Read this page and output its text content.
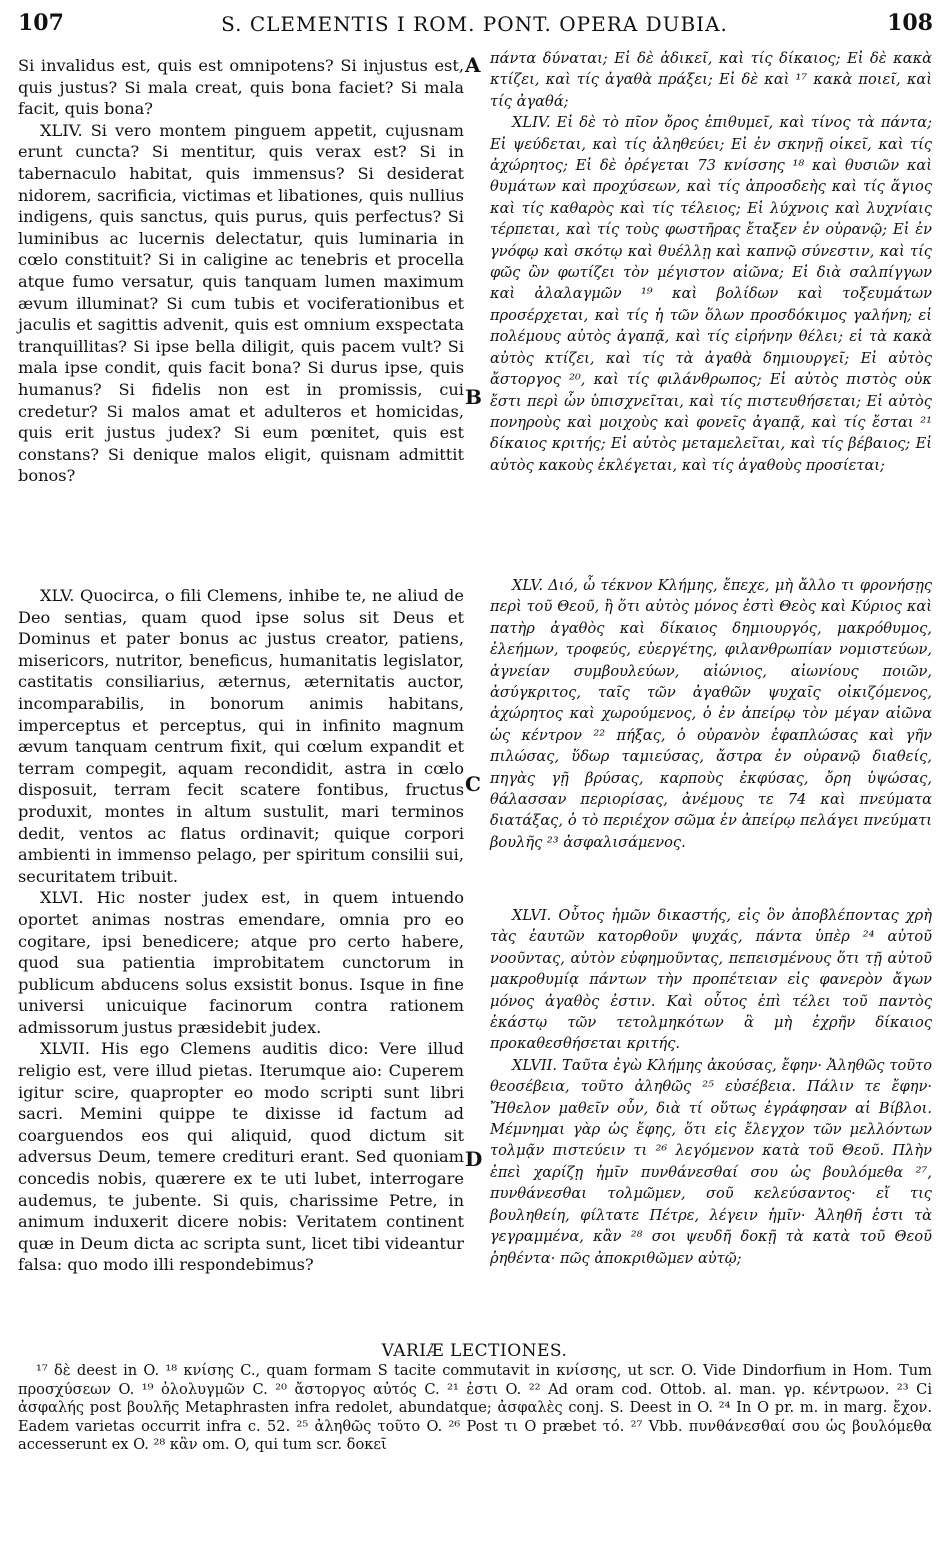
107	S. CLEMENTIS I ROM. PONT. OPERA DUBIA.	108

Si invalidus est, quis est omnipotens? Si injustus est, quis justus? Si mala creat, quis bona faciet? Si mala facit, quis bona?

XLIV. Si vero montem pinguem appetit, cujusnam erunt cuncta? Si mentitur, quis verax est? Si in tabernaculo habitat, quis immensus? Si desiderat nidorem, sacrificia, victimas et libationes, quis nullius indigens, quis sanctus, quis purus, quis perfectus? Si luminibus ac lucernis delectatur, quis luminaria in cœlo constituit? Si in caligine ac tenebris et procella atque fumo versatur, quis tanquam lumen maximum ævum illuminat? Si cum tubis et vociferationibus et jaculis et sagittis advenit, quis est omnium exspectata tranquillitas? Si ipse bella diligit, quis pacem vult? Si mala ipse condit, quis facit bona? Si durus ipse, quis humanus? Si fidelis non est in promissis, cui credetur? Si malos amat et adulteros et homicidas, quis erit justus judex? Si eum pœnitet, quis est constans? Si denique malos eligit, quisnam admittit bonos?

XLV. Quocirca, o fili Clemens, inhibe te, ne aliud de Deo sentias, quam quod ipse solus sit Deus et Dominus et pater bonus ac justus creator, patiens, misericors, nutritor, beneficus, humanitatis legislator, castitatis consiliarius, æternus, æternitatis auctor, incomparabilis, in bonorum animis habitans, imperceptus et perceptus, qui in infinito magnum ævum tanquam centrum fixit, qui cœlum expandit et terram compegit, aquam recondidit, astra in cœlo disposuit, terram fecit scatere fontibus, fructus produxit, montes in altum sustulit, mari terminos dedit, ventos ac flatus ordinavit; quique corpori ambienti in immenso pelago, per spiritum consilii sui, securitatem tribuit.

XLVI. Hic noster judex est, in quem intuendo oportet animas nostras emendare, omnia pro eo cogitare, ipsi benedicere; atque pro certo habere, quod sua patientia improbitatem cunctorum in publicum abducens solus exsistit bonus. Isque in fine universi unicuique facinorum contra rationem admissorum justus præsidebit judex.

XLVII. His ego Clemens auditis dico: Vere illud religio est, vere illud pietas. Iterumque aio: Cuperem igitur scire, quapropter eo modo scripti sunt libri sacri. Memini quippe te dixisse id factum ad coarguendos eos qui aliquid, quod dictum sit adversus Deum, temere credituri erant. Sed quoniam concedis nobis, quærere ex te uti lubet, interrogare audemus, te jubente. Si quis, charissime Petre, in animum induxerit dicere nobis: Veritatem continent quæ in Deum dicta ac scripta sunt, licet tibi videantur falsa: quo modo illi respondebimus?

A
B
C
D

πάντα δύναται; Εἰ δὲ ἀδικεῖ, καὶ τίς δίκαιος; Εἰ δὲ κακὰ κτίζει, καὶ τίς ἀγαθὰ πράξει; Εἰ δὲ καὶ ¹⁷ κακὰ ποιεῖ, καὶ τίς ἀγαθά;

XLIV. Εἰ δὲ τὸ πῖον ὄρος ἐπιθυμεῖ, καὶ τίνος τὰ πάντα; Εἰ ψεύδεται, καὶ τίς ἀληθεύει; Εἰ ἐν σκηνῇ οἰκεῖ, καὶ τίς ἀχώρητος; Εἰ δὲ ὀρέγεται 73 κνίσσης ¹⁸ καὶ θυσιῶν καὶ θυμάτων καὶ προχύσεων, καὶ τίς ἀπροσδεὴς καὶ τίς ἅγιος καὶ τίς καθαρὸς καὶ τίς τέλειος; Εἰ λύχνοις καὶ λυχνίαις τέρπεται, καὶ τίς τοὺς φωστῆρας ἔταξεν ἐν οὐρανῷ; Εἰ ἐν γνόφῳ καὶ σκότῳ καὶ θυέλλῃ καὶ καπνῷ σύνεστιν, καὶ τίς φῶς ὢν φωτίζει τὸν μέγιστον αἰῶνα; Εἰ διὰ σαλπίγγων καὶ ἀλαλαγμῶν ¹⁹ καὶ βολίδων καὶ τοξευμάτων προσέρχεται, καὶ τίς ἡ τῶν ὅλων προσδόκιμος γαλήνη; εἰ πολέμους αὐτὸς ἀγαπᾷ, καὶ τίς εἰρήνην θέλει; εἰ τὰ κακὰ αὐτὸς κτίζει, καὶ τίς τὰ ἀγαθὰ δημιουργεῖ; Εἰ αὐτὸς ἄστοργος ²⁰, καὶ τίς φιλάνθρωπος; Εἰ αὐτὸς πιστὸς οὐκ ἔστι περὶ ὧν ὑπισχνεῖται, καὶ τίς πιστευθήσεται; Εἰ αὐτὸς πονηροὺς καὶ μοιχοὺς καὶ φονεῖς ἀγαπᾷ, καὶ τίς ἔσται ²¹ δίκαιος κριτής; Εἰ αὐτὸς μεταμελεῖται, καὶ τίς βέβαιος; Εἰ αὐτὸς κακοὺς ἐκλέγεται, καὶ τίς ἀγαθοὺς προσίεται;

XLV. Διό, ὦ τέκνον Κλήμης, ἔπεχε, μὴ ἄλλο τι φρονήσῃς περὶ τοῦ Θεοῦ, ἢ ὅτι αὐτὸς μόνος ἐστὶ Θεὸς καὶ Κύριος καὶ πατὴρ ἀγαθὸς καὶ δίκαιος δημιουργός, μακρόθυμος, ἐλεήμων, τροφεύς, εὐεργέτης, φιλανθρωπίαν νομιστεύων, ἁγνείαν συμβουλεύων, αἰώνιος, αἰωνίους ποιῶν, ἀσύγκριτος, ταῖς τῶν ἀγαθῶν ψυχαῖς οἰκιζόμενος, ἀχώρητος καὶ χωρούμενος, ὁ ἐν ἀπείρῳ τὸν μέγαν αἰῶνα ὡς κέντρον ²² πήξας, ὁ οὐρανὸν ἐφαπλώσας καὶ γῆν πιλώσας, ὕδωρ ταμιεύσας, ἄστρα ἐν οὐρανῷ διαθείς, πηγὰς γῇ βρύσας, καρποὺς ἐκφύσας, ὄρη ὑψώσας, θάλασσαν περιορίσας, ἀνέμους τε 74 καὶ πνεύματα διατάξας, ὁ τὸ περιέχον σῶμα ἐν ἀπείρῳ πελάγει πνεύματι βουλῆς ²³ ἀσφαλισάμενος.

XLVI. Οὗτος ἡμῶν δικαστής, εἰς ὃν ἀποβλέποντας χρὴ τὰς ἑαυτῶν κατορθοῦν ψυχάς, πάντα ὑπὲρ ²⁴ αὐτοῦ νοοῦντας, αὐτὸν εὐφημοῦντας, πεπεισμένους ὅτι τῇ αὐτοῦ μακροθυμίᾳ πάντων τὴν προπέτειαν εἰς φανερὸν ἄγων μόνος ἀγαθὸς ἐστιν. Καὶ οὗτος ἐπὶ τέλει τοῦ παντὸς ἑκάστῳ τῶν τετολμηκότων ἃ μὴ ἐχρῆν δίκαιος προκαθεσθήσεται κριτής.

XLVII. Ταῦτα ἐγὼ Κλήμης ἀκούσας, ἔφην· Ἀληθῶς τοῦτο θεοσέβεια, τοῦτο ἀληθῶς ²⁵ εὐσέβεια. Πάλιν τε ἔφην· Ἤθελον μαθεῖν οὖν, διὰ τί οὕτως ἐγράφησαν αἱ Βίβλοι. Μέμνημαι γὰρ ὡς ἔφης, ὅτι εἰς ἔλεγχον τῶν μελλόντων τολμᾷν πιστεύειν τι ²⁶ λεγόμενον κατὰ τοῦ Θεοῦ. Πλὴν ἐπεὶ χαρίζῃ ἡμῖν πυνθάνεσθαί σου ὡς βουλόμεθα ²⁷, πυνθάνεσθαι τολμῶμεν, σοῦ κελεύσαντος· εἴ τις βουληθείη, φίλτατε Πέτρε, λέγειν ἡμῖν· Ἀληθῆ ἐστι τὰ γεγραμμένα, κἂν ²⁸ σοι ψευδῆ δοκῇ τὰ κατὰ τοῦ Θεοῦ ῥηθέντα· πῶς ἀποκριθῶμεν αὐτῷ;

VARIÆ LECTIONES.

¹⁷ δὲ deest in O. ¹⁸ κνίσης C., quam formam S tacite commutavit in κνίσσης, ut scr. O. Vide Dindorfium in Hom. Tum προσχύσεων O. ¹⁹ ὀλολυγμῶν C. ²⁰ ἄστοργος αὐτός C. ²¹ ἐστι O. ²² Ad oram cod. Ottob. al. man. γρ. κέντρωον. ²³ Ci ἀσφαλής post βουλῆς Metaphrasten infra redolet, abundatque; ἀσφαλὲς conj. S. Deest in O. ²⁴ In O pr. m. in marg. ἔχον. Eadem varietas occurrit infra c. 52. ²⁵ ἀληθῶς τοῦτο O. ²⁶ Post τι O præbet τό. ²⁷ Vbb. πυνθάνεσθαί σου ὡς βουλόμεθα accesserunt ex O. ²⁸ κἂν om. O, qui tum scr. δοκεῖ
